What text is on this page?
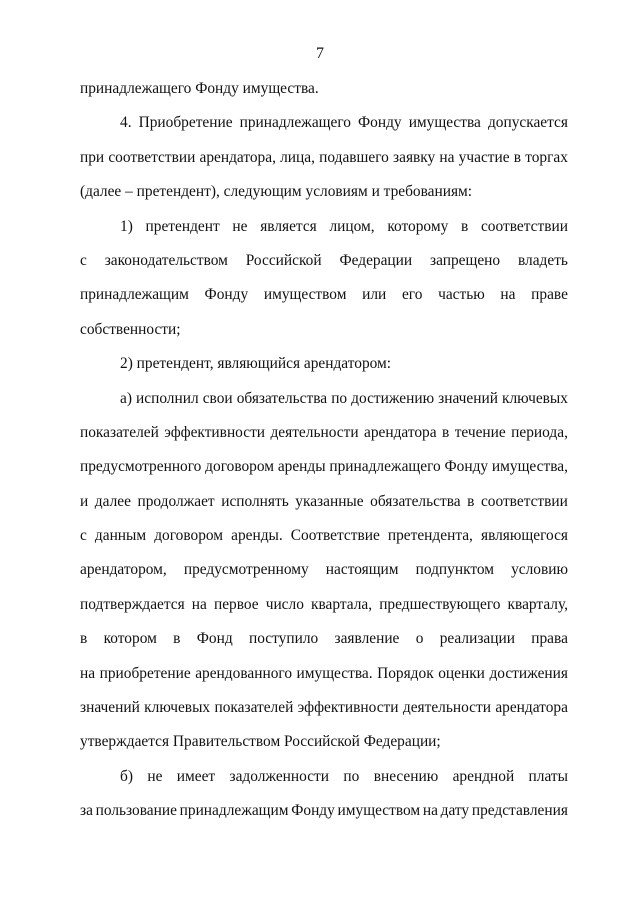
7
принадлежащего Фонду имущества.
4. Приобретение принадлежащего Фонду имущества допускается
при соответствии арендатора, лица, подавшего заявку на участие в торгах
(далее – претендент), следующим условиям и требованиям:
1) претендент не является лицом, которому в соответствии
с законодательством Российской Федерации запрещено владеть
принадлежащим Фонду имуществом или его частью на праве
собственности;
2) претендент, являющийся арендатором:
а) исполнил свои обязательства по достижению значений ключевых
показателей эффективности деятельности арендатора в течение периода,
предусмотренного договором аренды принадлежащего Фонду имущества,
и далее продолжает исполнять указанные обязательства в соответствии
с данным договором аренды. Соответствие претендента, являющегося
арендатором, предусмотренному настоящим подпунктом условию
подтверждается на первое число квартала, предшествующего кварталу,
в котором в Фонд поступило заявление о реализации права
на приобретение арендованного имущества. Порядок оценки достижения
значений ключевых показателей эффективности деятельности арендатора
утверждается Правительством Российской Федерации;
б) не имеет задолженности по внесению арендной платы
за пользование принадлежащим Фонду имуществом на дату представления
